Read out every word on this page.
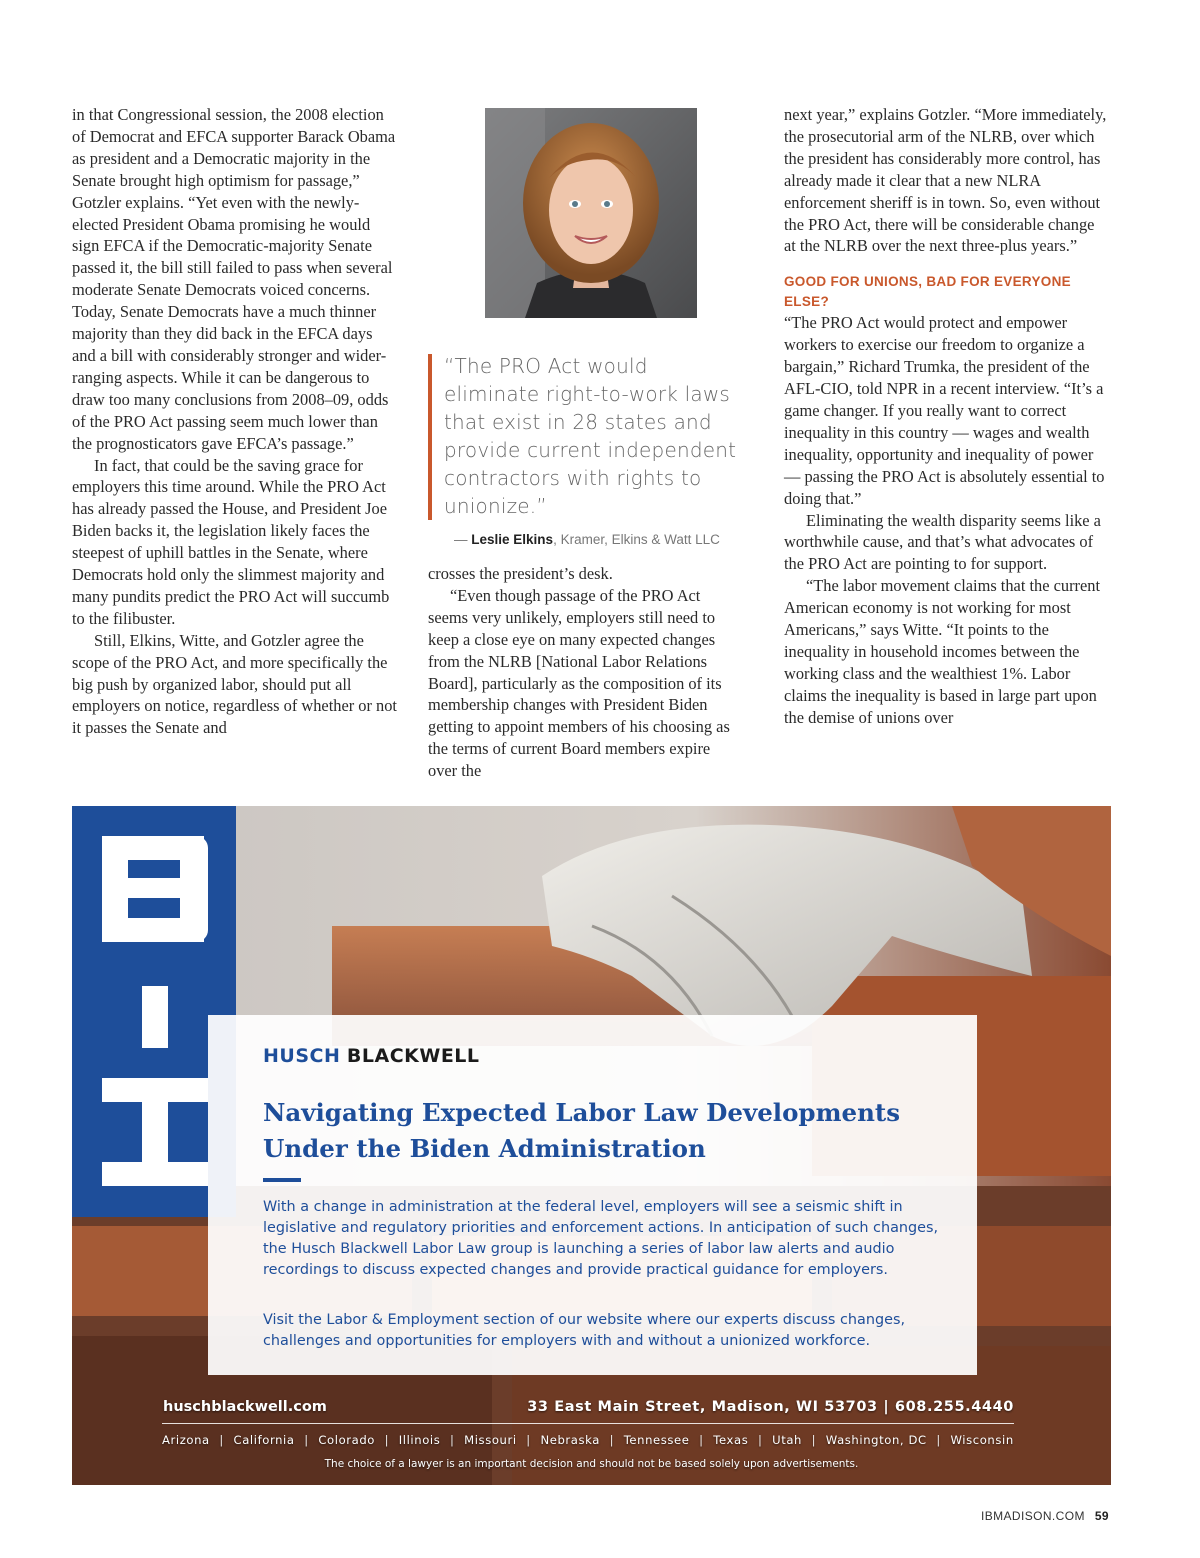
in that Congressional session, the 2008 election of Democrat and EFCA supporter Barack Obama as president and a Democratic majority in the Senate brought high optimism for passage,” Gotzler explains. “Yet even with the newly-elected President Obama promising he would sign EFCA if the Democratic-majority Senate passed it, the bill still failed to pass when several moderate Senate Democrats voiced concerns. Today, Senate Democrats have a much thinner majority than they did back in the EFCA days and a bill with considerably stronger and wider-ranging aspects. While it can be dangerous to draw too many conclusions from 2008–09, odds of the PRO Act passing seem much lower than the prognosticators gave EFCA’s passage.”

In fact, that could be the saving grace for employers this time around. While the PRO Act has already passed the House, and President Joe Biden backs it, the legislation likely faces the steepest of uphill battles in the Senate, where Democrats hold only the slimmest majority and many pundits predict the PRO Act will succumb to the filibuster.

Still, Elkins, Witte, and Gotzler agree the scope of the PRO Act, and more specifically the big push by organized labor, should put all employers on notice, regardless of whether or not it passes the Senate and

“The PRO Act would eliminate right-to-work laws that exist in 28 states and provide current independent contractors with rights to unionize.”

— Leslie Elkins, Kramer, Elkins & Watt LLC

crosses the president’s desk.

“Even though passage of the PRO Act seems very unlikely, employers still need to keep a close eye on many expected changes from the NLRB [National Labor Relations Board], particularly as the composition of its membership changes with President Biden getting to appoint members of his choosing as the terms of current Board members expire over the

next year,” explains Gotzler. “More immediately, the prosecutorial arm of the NLRB, over which the president has considerably more control, has already made it clear that a new NLRA enforcement sheriff is in town. So, even without the PRO Act, there will be considerable change at the NLRB over the next three-plus years.”

GOOD FOR UNIONS, BAD FOR EVERYONE ELSE?

“The PRO Act would protect and empower workers to exercise our freedom to organize a bargain,” Richard Trumka, the president of the AFL-CIO, told NPR in a recent interview. “It’s a game changer. If you really want to correct inequality in this country — wages and wealth inequality, opportunity and inequality of power — passing the PRO Act is absolutely essential to doing that.”

Eliminating the wealth disparity seems like a worthwhile cause, and that’s what advocates of the PRO Act are pointing to for support.

“The labor movement claims that the current American economy is not working for most Americans,” says Witte. “It points to the inequality in household incomes between the working class and the wealthiest 1%. Labor claims the inequality is based in large part upon the demise of unions over

HUSCH BLACKWELL
Navigating Expected Labor Law Developments
Under the Biden Administration

With a change in administration at the federal level, employers will see a seismic shift in legislative and regulatory priorities and enforcement actions. In anticipation of such changes, the Husch Blackwell Labor Law group is launching a series of labor law alerts and audio recordings to discuss expected changes and provide practical guidance for employers.

Visit the Labor & Employment section of our website where our experts discuss changes, challenges and opportunities for employers with and without a unionized workforce.

huschblackwell.com	33 East Main Street, Madison, WI 53703 | 608.255.4440
Arizona | California | Colorado | Illinois | Missouri | Nebraska | Tennessee | Texas | Utah | Washington, DC | Wisconsin
The choice of a lawyer is an important decision and should not be based solely upon advertisements.
IBMADISON.COM 59
